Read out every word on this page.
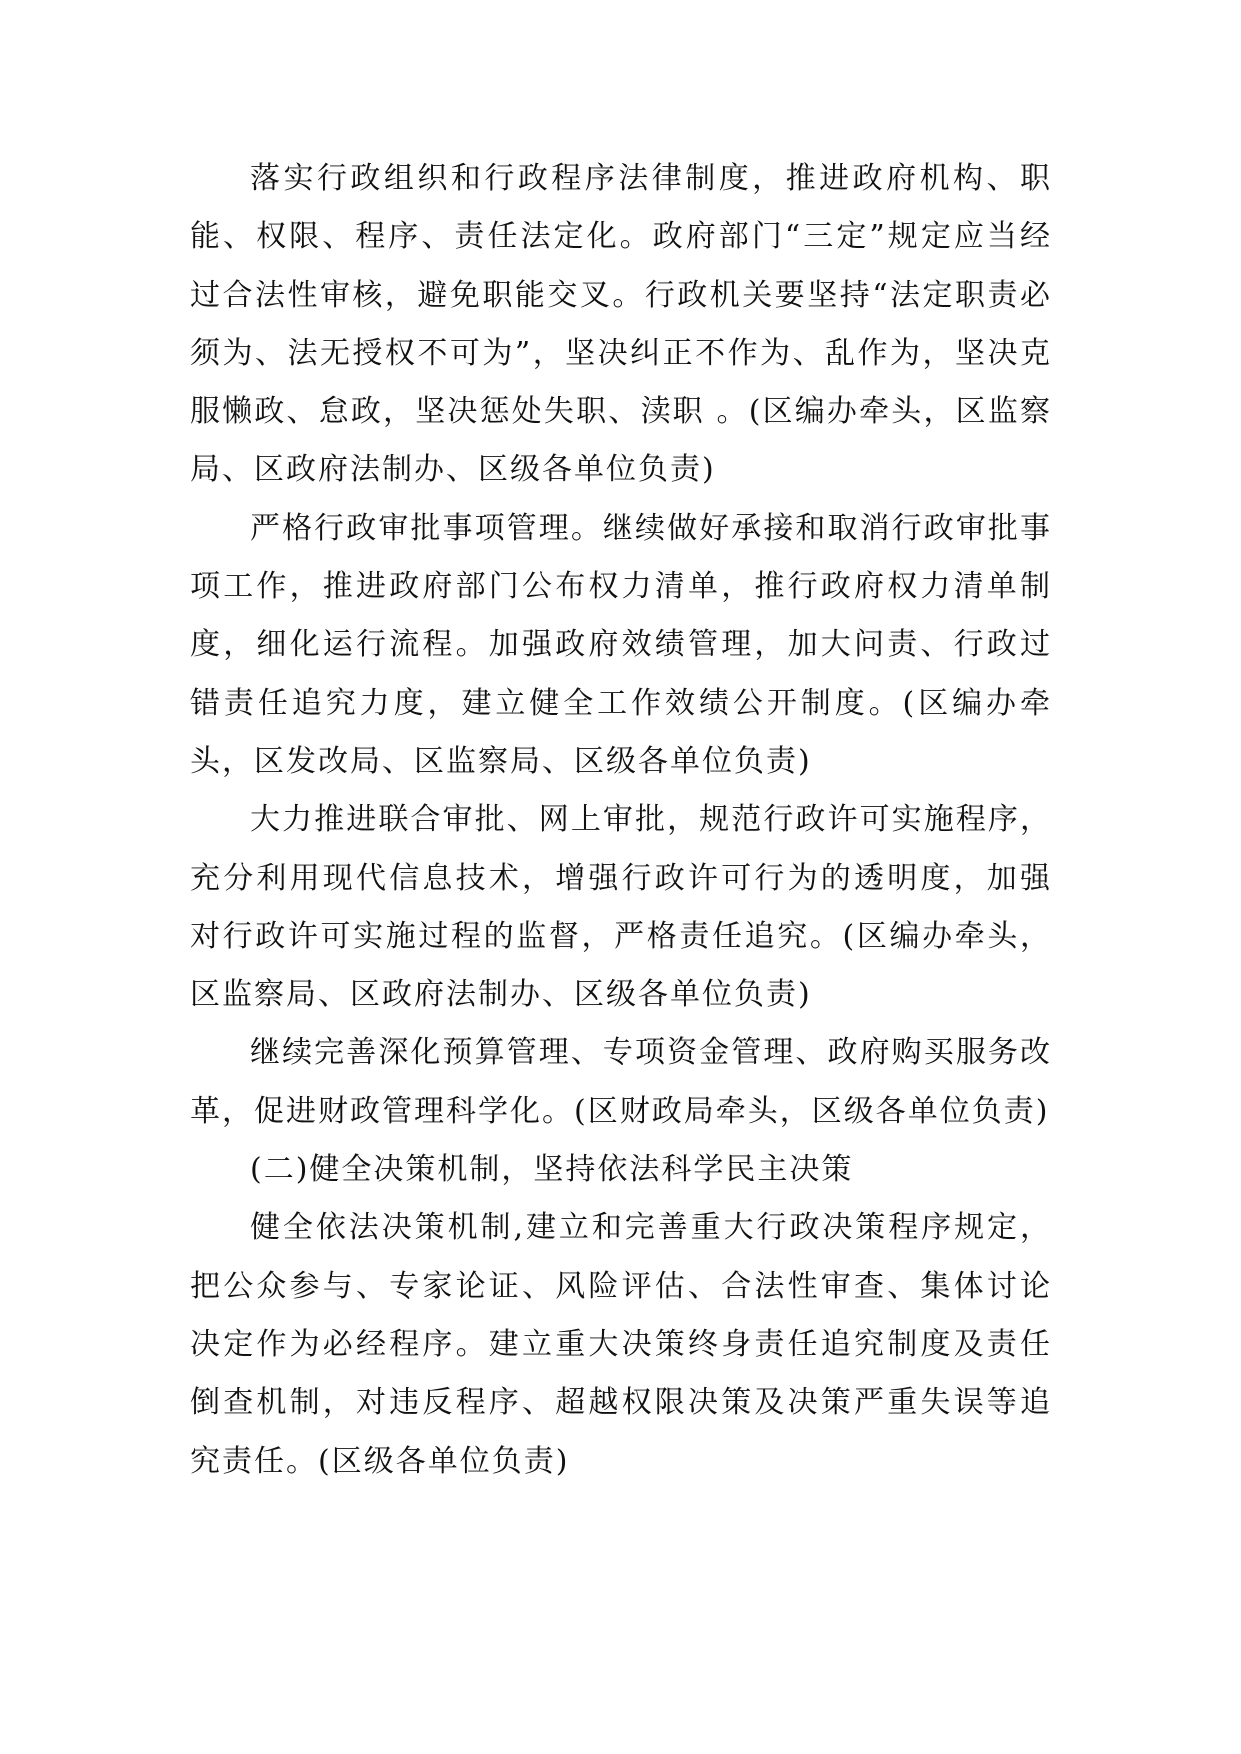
落实行政组织和行政程序法律制度，推进政府机构、职能、权限、程序、责任法定化。政府部门“三定”规定应当经过合法性审核，避免职能交叉。行政机关要坚持“法定职责必须为、法无授权不可为”，坚决纠正不作为、乱作为，坚决克服懒政、怠政，坚决惩处失职、渎职 。(区编办牵头，区监察局、区政府法制办、区级各单位负责)

严格行政审批事项管理。继续做好承接和取消行政审批事项工作，推进政府部门公布权力清单，推行政府权力清单制度，细化运行流程。加强政府效绩管理，加大问责、行政过错责任追究力度，建立健全工作效绩公开制度。(区编办牵头，区发改局、区监察局、区级各单位负责)

大力推进联合审批、网上审批，规范行政许可实施程序，充分利用现代信息技术，增强行政许可行为的透明度，加强对行政许可实施过程的监督，严格责任追究。(区编办牵头，区监察局、区政府法制办、区级各单位负责)

继续完善深化预算管理、专项资金管理、政府购买服务改革，促进财政管理科学化。(区财政局牵头，区级各单位负责)

(二)健全决策机制，坚持依法科学民主决策

健全依法决策机制,建立和完善重大行政决策程序规定，把公众参与、专家论证、风险评估、合法性审查、集体讨论决定作为必经程序。建立重大决策终身责任追究制度及责任倒查机制，对违反程序、超越权限决策及决策严重失误等追究责任。(区级各单位负责)
